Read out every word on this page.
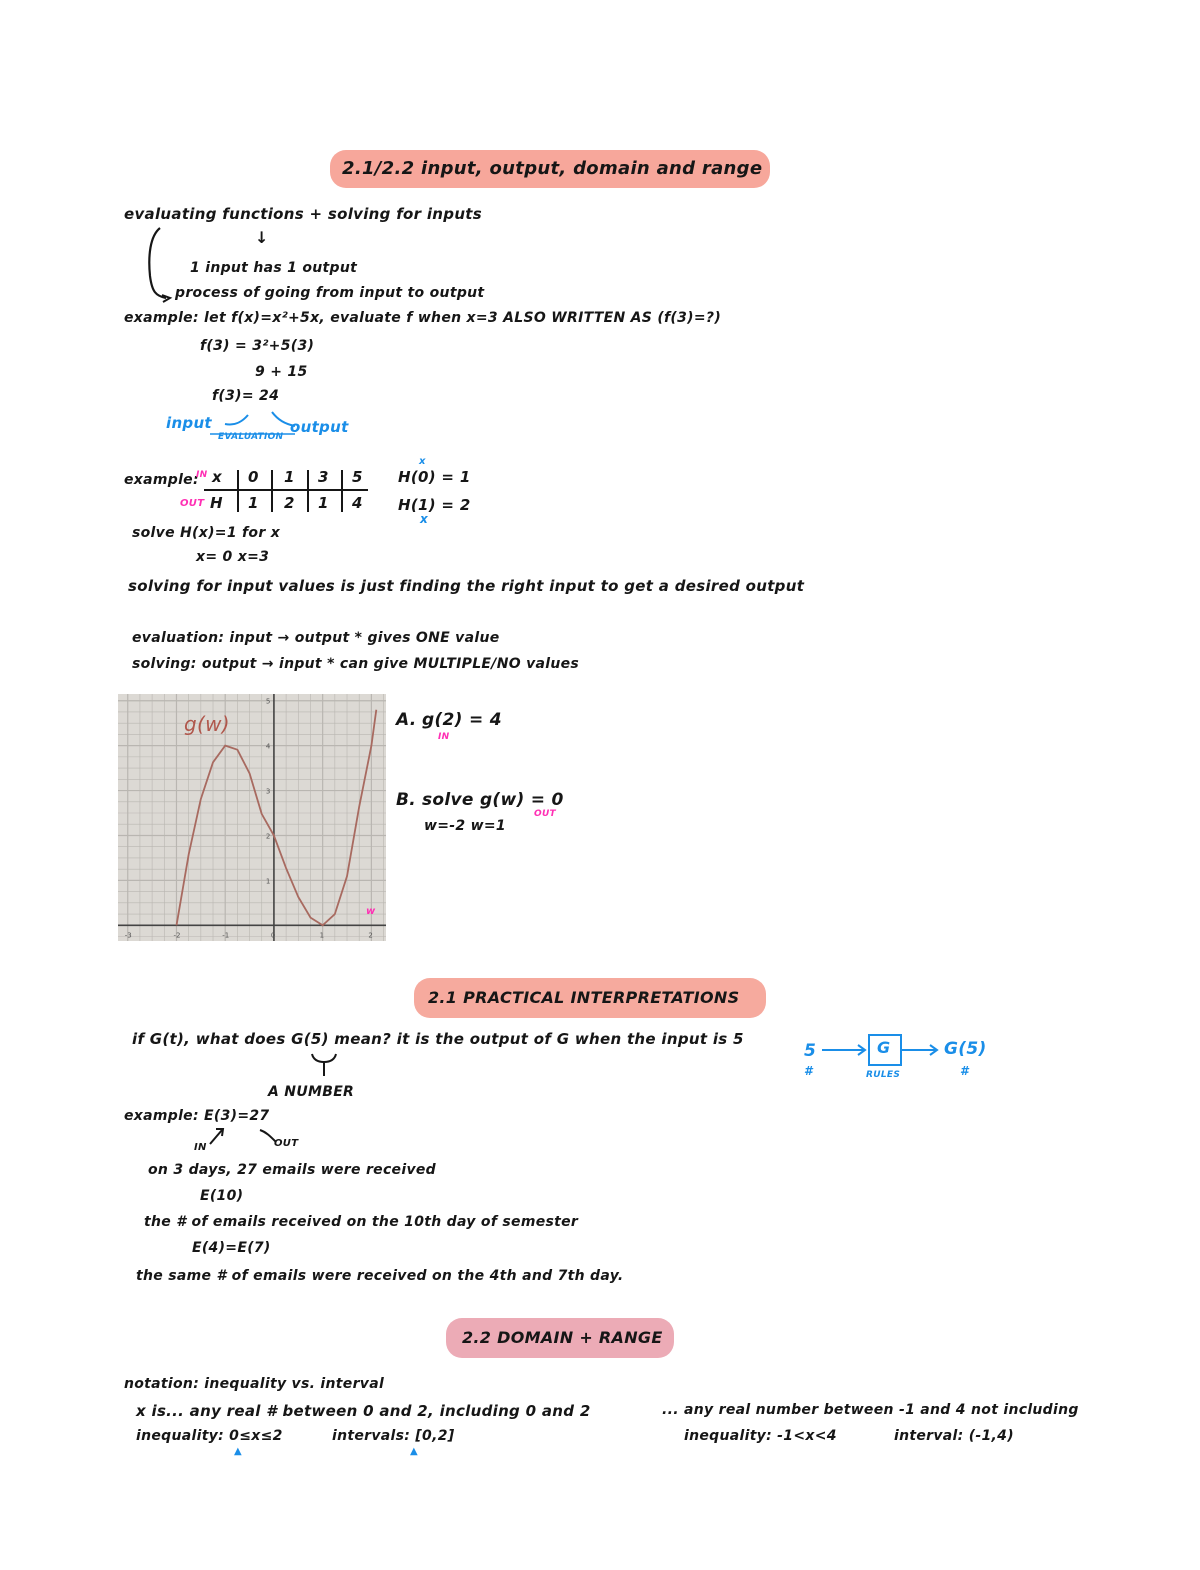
2.1/2.2 input, output, domain and range
evaluating functions + solving for inputs
↓
1 input has 1 output
process of going from input to output
example: let f(x)=x²+5x, evaluate f when x=3 ALSO WRITTEN AS (f(3)=?)
f(3) = 3²+5(3)
9 + 15
f(3)= 24
input	output
EVALUATION
example:
IN
OUT
x 0 1 3 5
H 1 2 1 4
H(0) = 1
H(1) = 2
x
x
solve H(x)=1 for x
x= 0 x=3
solving for input values is just finding the right input to get a desired output
evaluation: input → output * gives ONE value
solving: output → input * can give MULTIPLE/NO values
-3	-2	-1	0	1	2
1
2
3
4
5
g(w)
w
A. g(2) = 4
IN
B. solve g(w) = 0
OUT
w=-2 w=1
2.1 PRACTICAL INTERPRETATIONS
if G(t), what does G(5) mean? it is the output of G when the input is 5
A NUMBER
example: E(3)=27
IN	OUT
on 3 days, 27 emails were received
E(10)
the # of emails received on the 10th day of semester
E(4)=E(7)
the same # of emails were received on the 4th and 7th day.
5	G	G(5)
RULES
#	#
2.2 DOMAIN + RANGE
notation: inequality vs. interval
x is... any real # between 0 and 2, including 0 and 2
inequality: 0≤x≤2	intervals: [0,2]
▲	▲
... any real number between -1 and 4 not including
inequality: -1<x<4	interval: (-1,4)
